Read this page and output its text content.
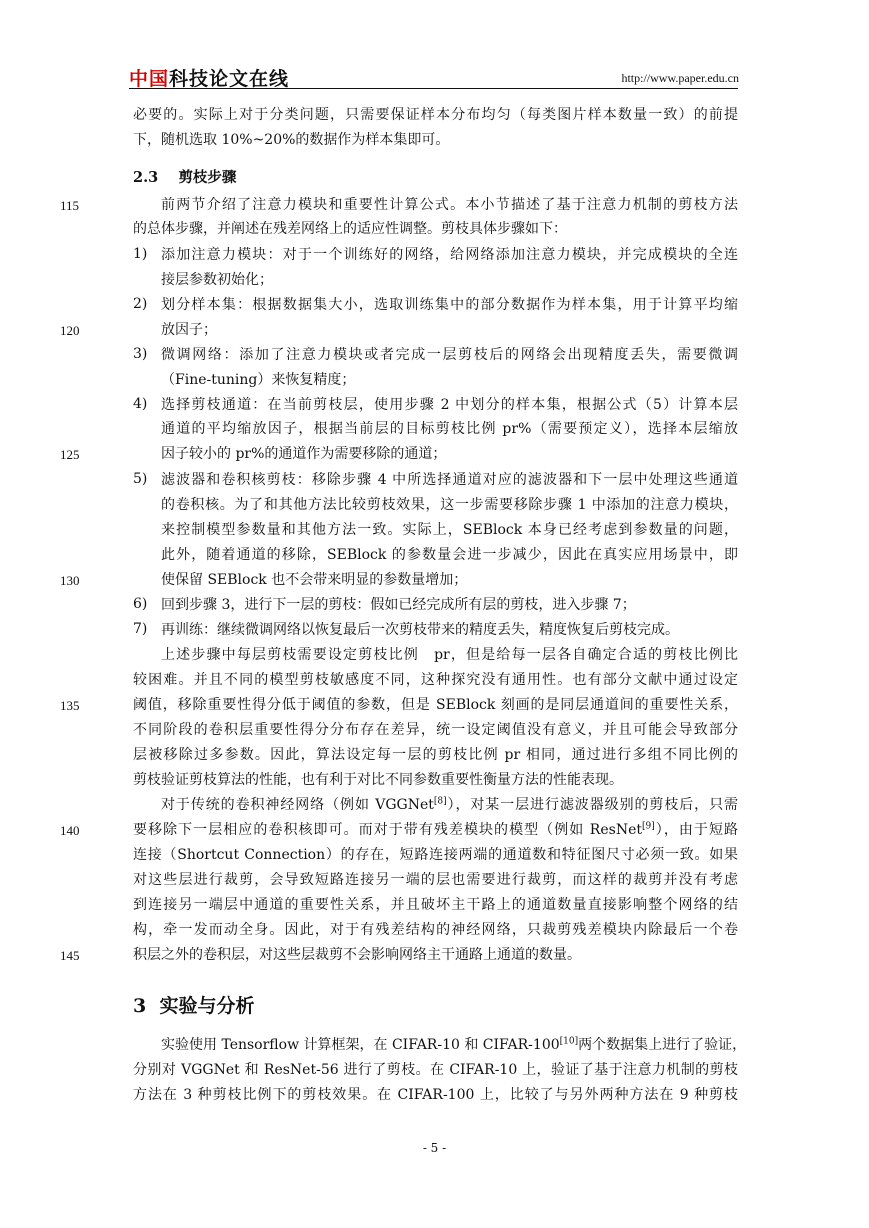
中国科技论文在线	http://www.paper.edu.cn
必要的。实际上对于分类问题，只需要保证样本分布均匀（每类图片样本数量一致）的前提
下，随机选取 10%~20%的数据作为样本集即可。
2.3 剪枝步骤
前两节介绍了注意力模块和重要性计算公式。本小节描述了基于注意力机制的剪枝方法
的总体步骤，并阐述在残差网络上的适应性调整。剪枝具体步骤如下：
1) 添加注意力模块：对于一个训练好的网络，给网络添加注意力模块，并完成模块的全连
接层参数初始化；
2) 划分样本集：根据数据集大小，选取训练集中的部分数据作为样本集，用于计算平均缩
放因子；
3) 微调网络：添加了注意力模块或者完成一层剪枝后的网络会出现精度丢失，需要微调
（Fine-tuning）来恢复精度；
4) 选择剪枝通道：在当前剪枝层，使用步骤 2 中划分的样本集，根据公式（5）计算本层
通道的平均缩放因子，根据当前层的目标剪枝比例 pr%（需要预定义），选择本层缩放
因子较小的 pr%的通道作为需要移除的通道；
5) 滤波器和卷积核剪枝：移除步骤 4 中所选择通道对应的滤波器和下一层中处理这些通道
的卷积核。为了和其他方法比较剪枝效果，这一步需要移除步骤 1 中添加的注意力模块，
来控制模型参数量和其他方法一致。实际上，SEBlock 本身已经考虑到参数量的问题，
此外，随着通道的移除，SEBlock 的参数量会进一步减少，因此在真实应用场景中，即
使保留 SEBlock 也不会带来明显的参数量增加；
6) 回到步骤 3，进行下一层的剪枝：假如已经完成所有层的剪枝，进入步骤 7；
7) 再训练：继续微调网络以恢复最后一次剪枝带来的精度丢失，精度恢复后剪枝完成。
上述步骤中每层剪枝需要设定剪枝比例　pr，但是给每一层各自确定合适的剪枝比例比
较困难。并且不同的模型剪枝敏感度不同，这种探究没有通用性。也有部分文献中通过设定
阈值，移除重要性得分低于阈值的参数，但是 SEBlock 刻画的是同层通道间的重要性关系，
不同阶段的卷积层重要性得分分布存在差异，统一设定阈值没有意义，并且可能会导致部分
层被移除过多参数。因此，算法设定每一层的剪枝比例 pr 相同，通过进行多组不同比例的
剪枝验证剪枝算法的性能，也有利于对比不同参数重要性衡量方法的性能表现。
对于传统的卷积神经网络（例如 VGGNet[8]），对某一层进行滤波器级别的剪枝后，只需
要移除下一层相应的卷积核即可。而对于带有残差模块的模型（例如 ResNet[9]），由于短路
连接（Shortcut Connection）的存在，短路连接两端的通道数和特征图尺寸必须一致。如果
对这些层进行裁剪，会导致短路连接另一端的层也需要进行裁剪，而这样的裁剪并没有考虑
到连接另一端层中通道的重要性关系，并且破坏主干路上的通道数量直接影响整个网络的结
构，牵一发而动全身。因此，对于有残差结构的神经网络，只裁剪残差模块内除最后一个卷
积层之外的卷积层，对这些层裁剪不会影响网络主干通路上通道的数量。
3 实验与分析
实验使用 Tensorflow 计算框架，在 CIFAR-10 和 CIFAR-100[10]两个数据集上进行了验证，
分别对 VGGNet 和 ResNet-56 进行了剪枝。在 CIFAR-10 上，验证了基于注意力机制的剪枝
方法在 3 种剪枝比例下的剪枝效果。在 CIFAR-100 上，比较了与另外两种方法在 9 种剪枝
115
120
125
130
135
140
145
- 5 -
